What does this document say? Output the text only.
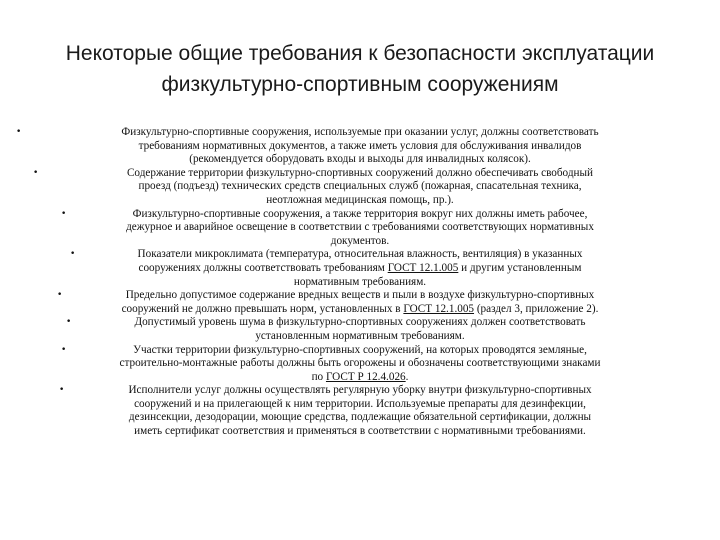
Некоторые общие требования к безопасности эксплуатации
физкультурно-спортивным сооружениям
•	Физкультурно-спортивные сооружения, используемые при оказании услуг, должны соответствовать
требованиям нормативных документов, а также иметь условия для обслуживания инвалидов
(рекомендуется оборудовать входы и выходы для инвалидных колясок).
•	Содержание территории физкультурно-спортивных сооружений должно обеспечивать свободный
проезд (подъезд) технических средств специальных служб (пожарная, спасательная техника,
неотложная медицинская помощь, пр.).
•	Физкультурно-спортивные сооружения, а также территория вокруг них должны иметь рабочее,
дежурное и аварийное освещение в соответствии с требованиями соответствующих нормативных
документов.
•	Показатели микроклимата (температура, относительная влажность, вентиляция) в указанных
сооружениях должны соответствовать требованиям ГОСТ 12.1.005 и другим установленным
нормативным требованиям.
•	Предельно допустимое содержание вредных веществ и пыли в воздухе физкультурно-спортивных
сооружений не должно превышать норм, установленных в ГОСТ 12.1.005 (раздел 3, приложение 2).
•	Допустимый уровень шума в физкультурно-спортивных сооружениях должен соответствовать
установленным нормативным требованиям.
•	Участки территории физкультурно-спортивных сооружений, на которых проводятся земляные,
строительно-монтажные работы должны быть огорожены и обозначены соответствующими знаками
по ГОСТ Р 12.4.026.
•	Исполнители услуг должны осуществлять регулярную уборку внутри физкультурно-спортивных
сооружений и на прилегающей к ним территории. Используемые препараты для дезинфекции,
дезинсекции, дезодорации, моющие средства, подлежащие обязательной сертификации, должны
иметь сертификат соответствия и применяться в соответствии с нормативными требованиями.
